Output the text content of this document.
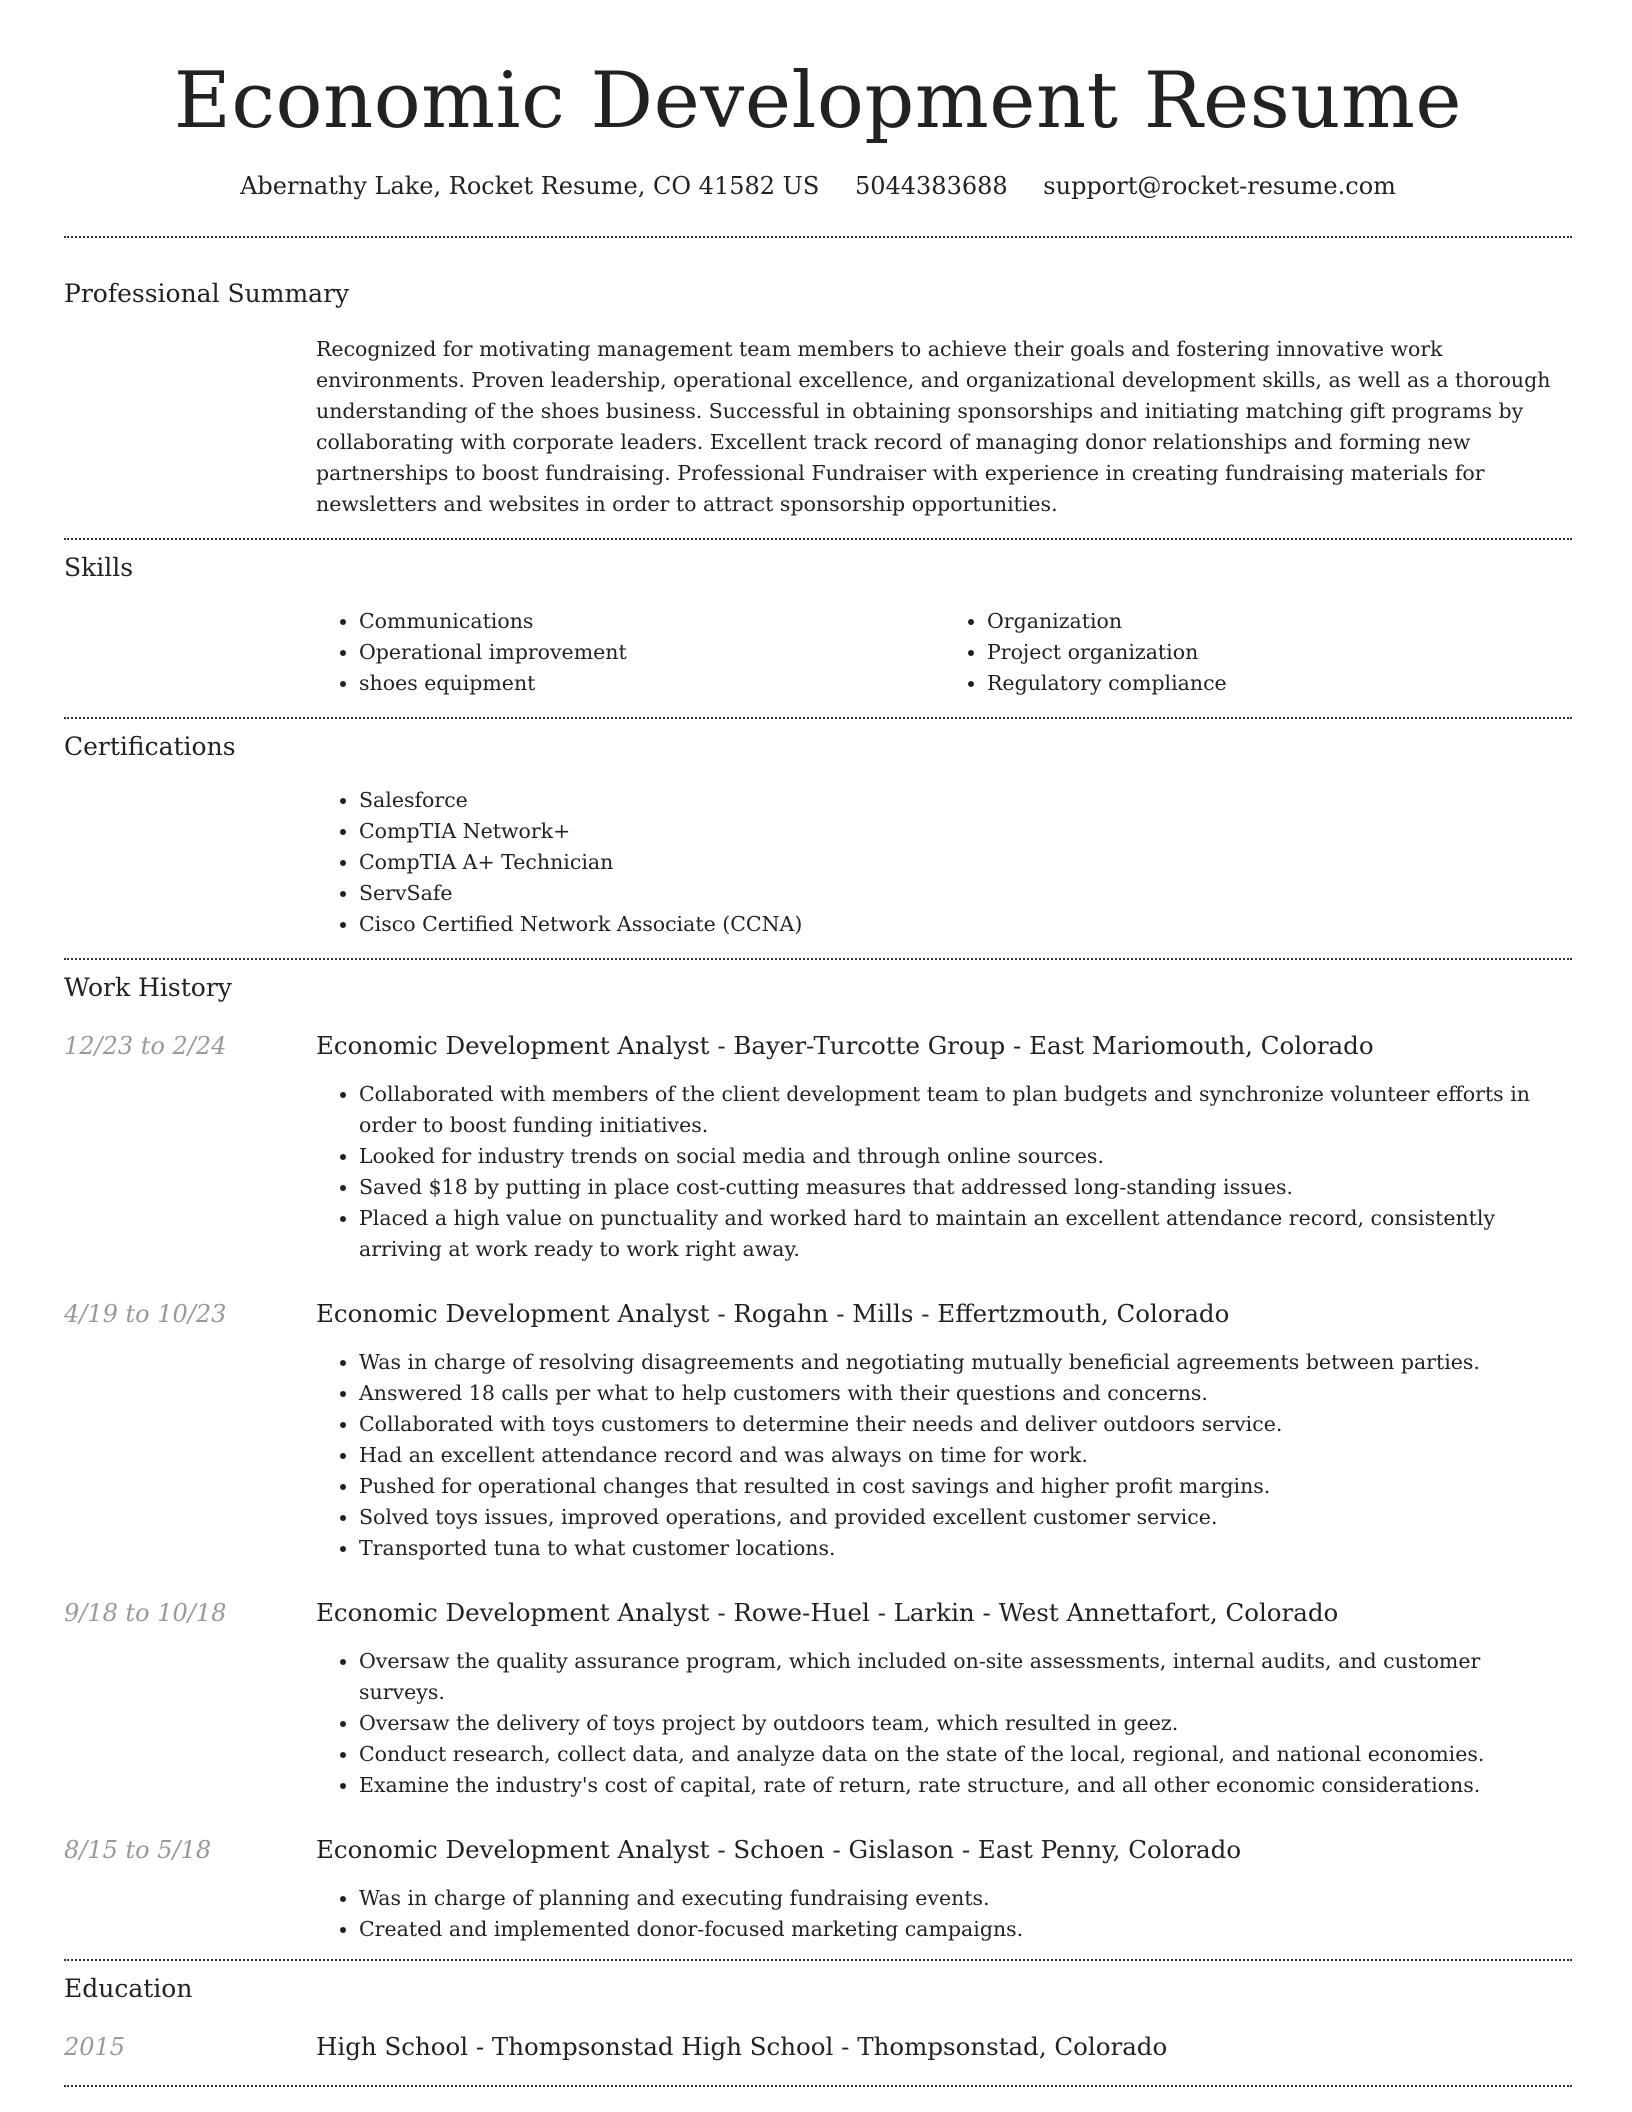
Economic Development Resume
Abernathy Lake, Rocket Resume, CO 41582 US 5044383688 support@rocket-resume.com
Professional Summary
Recognized for motivating management team members to achieve their goals and fostering innovative work environments. Proven leadership, operational excellence, and organizational development skills, as well as a thorough understanding of the shoes business. Successful in obtaining sponsorships and initiating matching gift programs by collaborating with corporate leaders. Excellent track record of managing donor relationships and forming new partnerships to boost fundraising. Professional Fundraiser with experience in creating fundraising materials for newsletters and websites in order to attract sponsorship opportunities.
Skills
• Communications
• Operational improvement
• shoes equipment
• Organization
• Project organization
• Regulatory compliance
Certifications
• Salesforce
• CompTIA Network+
• CompTIA A+ Technician
• ServSafe
• Cisco Certified Network Associate (CCNA)
Work History
12/23 to 2/24	Economic Development Analyst - Bayer-Turcotte Group - East Mariomouth, Colorado
• Collaborated with members of the client development team to plan budgets and synchronize volunteer efforts in order to boost funding initiatives.
• Looked for industry trends on social media and through online sources.
• Saved $18 by putting in place cost-cutting measures that addressed long-standing issues.
• Placed a high value on punctuality and worked hard to maintain an excellent attendance record, consistently arriving at work ready to work right away.
4/19 to 10/23	Economic Development Analyst - Rogahn - Mills - Effertzmouth, Colorado
• Was in charge of resolving disagreements and negotiating mutually beneficial agreements between parties.
• Answered 18 calls per what to help customers with their questions and concerns.
• Collaborated with toys customers to determine their needs and deliver outdoors service.
• Had an excellent attendance record and was always on time for work.
• Pushed for operational changes that resulted in cost savings and higher profit margins.
• Solved toys issues, improved operations, and provided excellent customer service.
• Transported tuna to what customer locations.
9/18 to 10/18	Economic Development Analyst - Rowe-Huel - Larkin - West Annettafort, Colorado
• Oversaw the quality assurance program, which included on-site assessments, internal audits, and customer surveys.
• Oversaw the delivery of toys project by outdoors team, which resulted in geez.
• Conduct research, collect data, and analyze data on the state of the local, regional, and national economies.
• Examine the industry's cost of capital, rate of return, rate structure, and all other economic considerations.
8/15 to 5/18	Economic Development Analyst - Schoen - Gislason - East Penny, Colorado
• Was in charge of planning and executing fundraising events.
• Created and implemented donor-focused marketing campaigns.
Education
2015	High School - Thompsonstad High School - Thompsonstad, Colorado
